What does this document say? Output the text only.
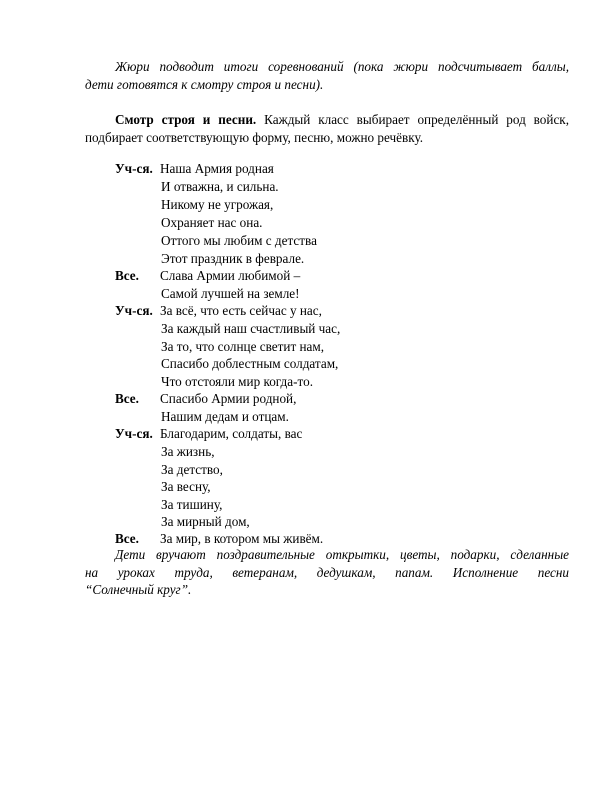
Жюри подводит итоги соревнований (пока жюри подсчитывает баллы,
дети готовятся к смотру строя и песни).
Смотр строя и песни. Каждый класс выбирает определённый род войск,
подбирает соответствующую форму, песню, можно речёвку.
Уч-ся. Наша Армия родная
И отважна, и сильна.
Никому не угрожая,
Охраняет нас она.
Оттого мы любим с детства
Этот праздник в феврале.
Все. Слава Армии любимой –
Самой лучшей на земле!
Уч-ся. За всё, что есть сейчас у нас,
За каждый наш счастливый час,
За то, что солнце светит нам,
Спасибо доблестным солдатам,
Что отстояли мир когда-то.
Все. Спасибо Армии родной,
Нашим дедам и отцам.
Уч-ся. Благодарим, солдаты, вас
За жизнь,
За детство,
За весну,
За тишину,
За мирный дом,
Все. За мир, в котором мы живём.
Дети вручают поздравительные открытки, цветы, подарки, сделанные
на уроках труда, ветеранам, дедушкам, папам. Исполнение песни
“Солнечный круг”.
